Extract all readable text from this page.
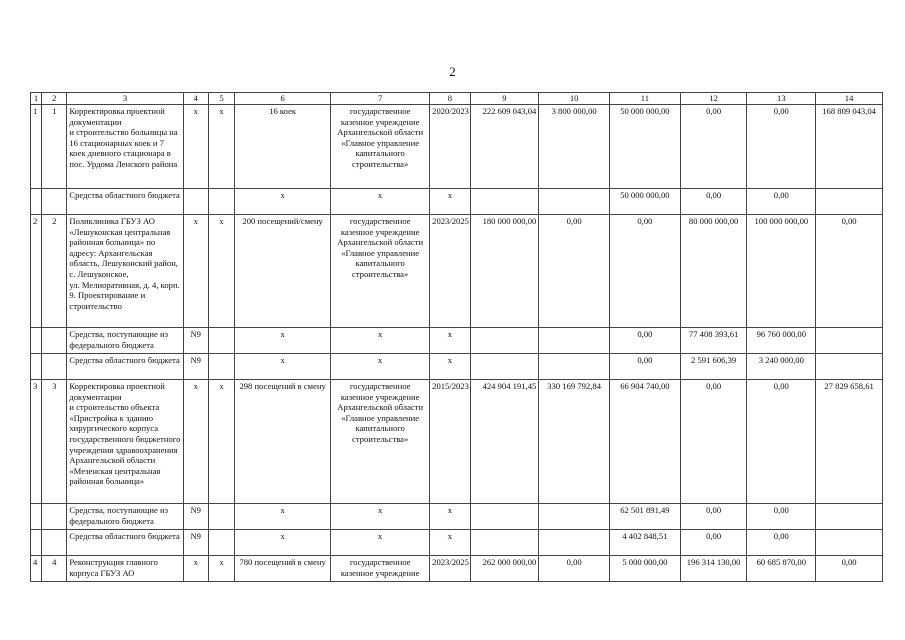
2
1	2	3	4	5	6	7	8	9	10	11	12	13	14
1	1	Корректировка проектной документации
и строительство больницы на 16 стационарных коек и 7 коек дневного стационара в пос. Урдома Ленского района	x	x	16 коек	государственное казенное учреждение Архангельской области «Главное управление капитального строительства»	2020/2023	222 609 043,04	3 800 000,00	50 000 000,00	0,00	0,00	168 809 043,04
		Средства областного бюджета			x	x	x			50 000 000,00	0,00	0,00	
2	2	Поликлиника ГБУЗ АО «Лешуконская центральная районная больница» по адресу: Архангельская область, Лешуконский район,
с. Лешуконское,
ул. Мелиоративная, д. 4, корп. 9. Проектирование и строительство	x	x	200 посещений/смену	государственное казенное учреждение Архангельской области «Главное управление капитального строительства»	2023/2025	180 000 000,00	0,00	0,00	80 000 000,00	100 000 000,00	0,00
		Средства, поступающие из федерального бюджета	N9		x	x	x			0,00	77 408 393,61	96 760 000,00	
		Средства областного бюджета	N9		x	x	x			0,00	2 591 606,39	3 240 000,00	
3	3	Корректировка проектной документации
и строительство объекта «Пристройка к зданию хирургического корпуса государственного бюджетного учреждения здравоохранения Архангельской области «Мезенская центральная районная больница»	x	x	298 посещений в смену	государственное казенное учреждение Архангельской области «Главное управление капитального строительства»	2015/2023	424 904 191,45	330 169 792,84	66 904 740,00	0,00	0,00	27 829 658,61
		Средства, поступающие из федерального бюджета	N9		x	x	x			62 501 891,49	0,00	0,00	
		Средства областного бюджета	N9		x	x	x			4 402 848,51	0,00	0,00	
4	4	Реконструкция главного корпуса ГБУЗ АО	x	x	780 посещений в смену	государственное казенное учреждение	2023/2025	262 000 000,00	0,00	5 000 000,00	196 314 130,00	60 685 870,00	0,00
